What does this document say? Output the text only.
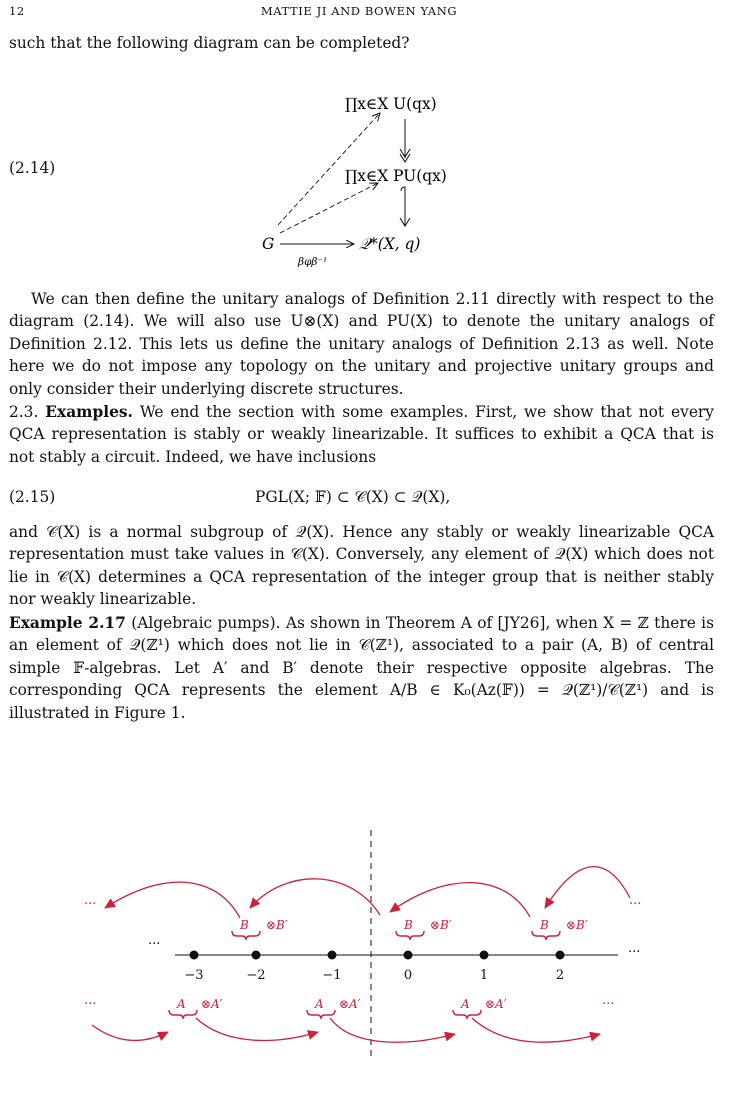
12	MATTIE JI AND BOWEN YANG

such that the following diagram can be completed?

(2.14)
∏x∈X U(qx)
∏x∈X PU(qx)
G	𝒬*(X, q)
βφβ⁻¹

We can then define the unitary analogs of Definition 2.11 directly with respect to the diagram (2.14). We will also use U⊗(X) and PU(X) to denote the unitary analogs of Definition 2.12. This lets us define the unitary analogs of Definition 2.13 as well. Note here we do not impose any topology on the unitary and projective unitary groups and only consider their underlying discrete structures.

2.3. Examples. We end the section with some examples. First, we show that not every QCA representation is stably or weakly linearizable. It suffices to exhibit a QCA that is not stably a circuit. Indeed, we have inclusions

(2.15)	PGL(X; 𝔽) ⊂ 𝒞(X) ⊂ 𝒬(X),

and 𝒞(X) is a normal subgroup of 𝒬(X). Hence any stably or weakly linearizable QCA representation must take values in 𝒞(X). Conversely, any element of 𝒬(X) which does not lie in 𝒞(X) determines a QCA representation of the integer group that is neither stably nor weakly linearizable.

Example 2.17 (Algebraic pumps). As shown in Theorem A of [JY26], when X = ℤ there is an element of 𝒬(ℤ¹) which does not lie in 𝒞(ℤ¹), associated to a pair (A, B) of central simple 𝔽-algebras. Let A′ and B′ denote their respective opposite algebras. The corresponding QCA represents the element A/B ∈ K₀(Az(𝔽)) = 𝒬(ℤ¹)/𝒞(ℤ¹) and is illustrated in Figure 1.

−3	−2	−1	0	1	2
...
...
B ⊗B′	B ⊗B′	B ⊗B′
A ⊗A′	A ⊗A′	A ⊗A′
...	...
...	...
